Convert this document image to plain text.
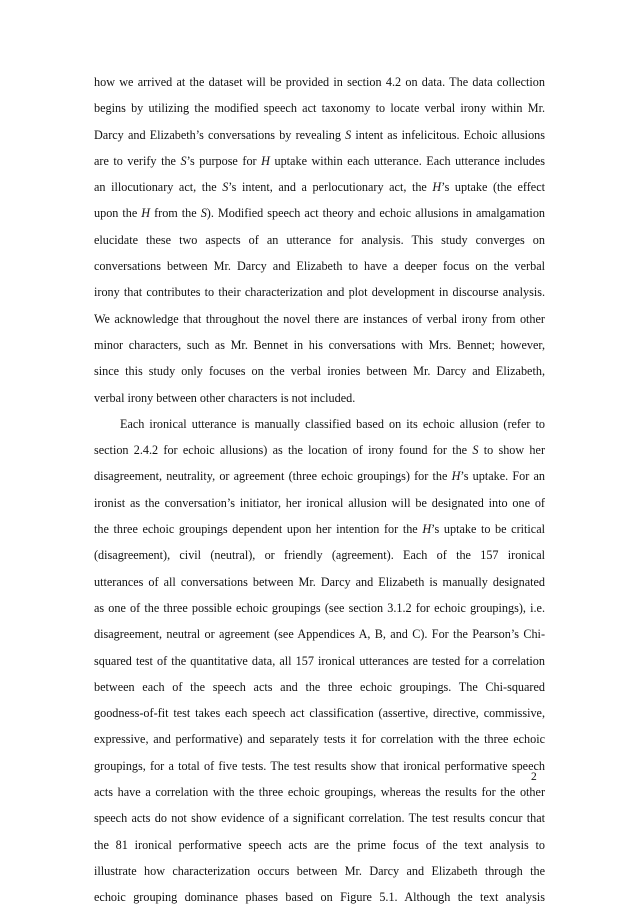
how we arrived at the dataset will be provided in section 4.2 on data. The data collection
begins by utilizing the modified speech act taxonomy to locate verbal irony within Mr.
Darcy and Elizabeth’s conversations by revealing S intent as infelicitous. Echoic allusions
are to verify the S’s purpose for H uptake within each utterance. Each utterance includes
an illocutionary act, the S’s intent, and a perlocutionary act, the H’s uptake (the effect
upon the H from the S). Modified speech act theory and echoic allusions in amalgamation
elucidate these two aspects of an utterance for analysis. This study converges on
conversations between Mr. Darcy and Elizabeth to have a deeper focus on the verbal
irony that contributes to their characterization and plot development in discourse analysis.
We acknowledge that throughout the novel there are instances of verbal irony from other
minor characters, such as Mr. Bennet in his conversations with Mrs. Bennet; however,
since this study only focuses on the verbal ironies between Mr. Darcy and Elizabeth,
verbal irony between other characters is not included.
Each ironical utterance is manually classified based on its echoic allusion (refer to
section 2.4.2 for echoic allusions) as the location of irony found for the S to show her
disagreement, neutrality, or agreement (three echoic groupings) for the H’s uptake. For an
ironist as the conversation’s initiator, her ironical allusion will be designated into one of
the three echoic groupings dependent upon her intention for the H’s uptake to be critical
(disagreement), civil (neutral), or friendly (agreement). Each of the 157 ironical
utterances of all conversations between Mr. Darcy and Elizabeth is manually designated
as one of the three possible echoic groupings (see section 3.1.2 for echoic groupings), i.e.
disagreement, neutral or agreement (see Appendices A, B, and C). For the Pearson’s Chi-
squared test of the quantitative data, all 157 ironical utterances are tested for a correlation
between each of the speech acts and the three echoic groupings. The Chi-squared
goodness-of-fit test takes each speech act classification (assertive, directive, commissive,
expressive, and performative) and separately tests it for correlation with the three echoic
groupings, for a total of five tests. The test results show that ironical performative speech
acts have a correlation with the three echoic groupings, whereas the results for the other
speech acts do not show evidence of a significant correlation. The test results concur that
the 81 ironical performative speech acts are the prime focus of the text analysis to
illustrate how characterization occurs between Mr. Darcy and Elizabeth through the
echoic grouping dominance phases based on Figure 5.1. Although the text analysis
2
